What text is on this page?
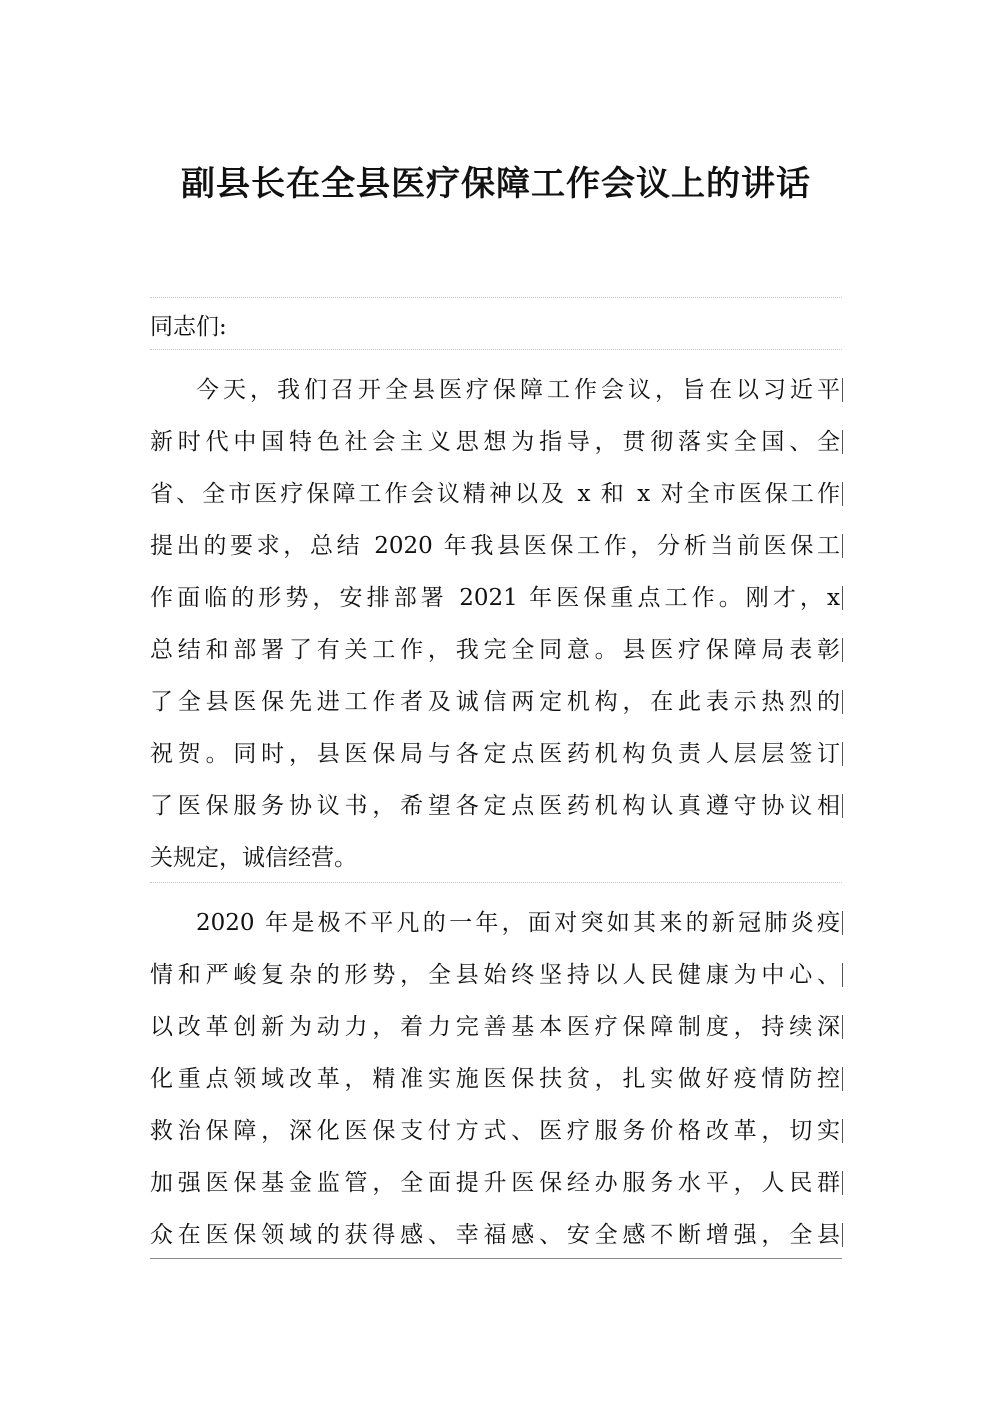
副县长在全县医疗保障工作会议上的讲话

同志们:

今天，我们召开全县医疗保障工作会议，旨在以习近平
新时代中国特色社会主义思想为指导，贯彻落实全国、全
省、全市医疗保障工作会议精神以及 x 和 x 对全市医保工作
提出的要求，总结 2020 年我县医保工作，分析当前医保工
作面临的形势，安排部署 2021 年医保重点工作。刚才，x
总结和部署了有关工作，我完全同意。县医疗保障局表彰
了全县医保先进工作者及诚信两定机构，在此表示热烈的
祝贺。同时，县医保局与各定点医药机构负责人层层签订
了医保服务协议书，希望各定点医药机构认真遵守协议相
关规定，诚信经营。
2020 年是极不平凡的一年，面对突如其来的新冠肺炎疫
情和严峻复杂的形势，全县始终坚持以人民健康为中心、
以改革创新为动力，着力完善基本医疗保障制度，持续深
化重点领域改革，精准实施医保扶贫，扎实做好疫情防控
救治保障，深化医保支付方式、医疗服务价格改革，切实
加强医保基金监管，全面提升医保经办服务水平，人民群
众在医保领域的获得感、幸福感、安全感不断增强，全县
